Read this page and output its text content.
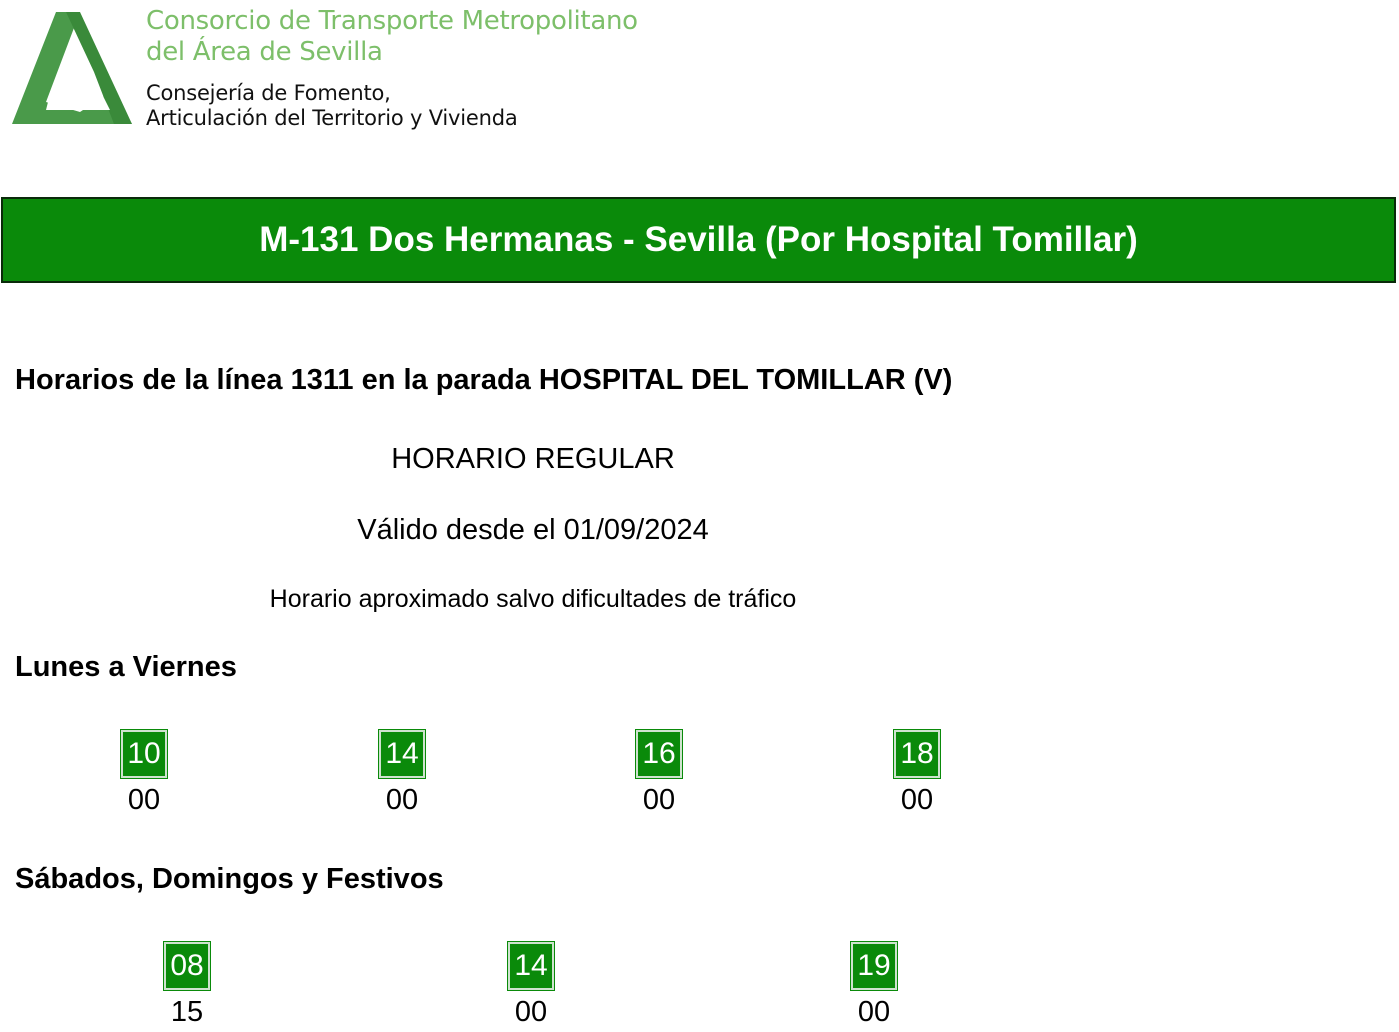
Consorcio de Transporte Metropolitano
del Área de Sevilla
Consejería de Fomento,
Articulación del Territorio y Vivienda
M-131 Dos Hermanas - Sevilla (Por Hospital Tomillar)
Horarios de la línea 1311 en la parada HOSPITAL DEL TOMILLAR (V)
HORARIO REGULAR
Válido desde el 01/09/2024
Horario aproximado salvo dificultades de tráfico
Lunes a Viernes
10
00
14
00
16
00
18
00
Sábados, Domingos y Festivos
08
15
14
00
19
00
